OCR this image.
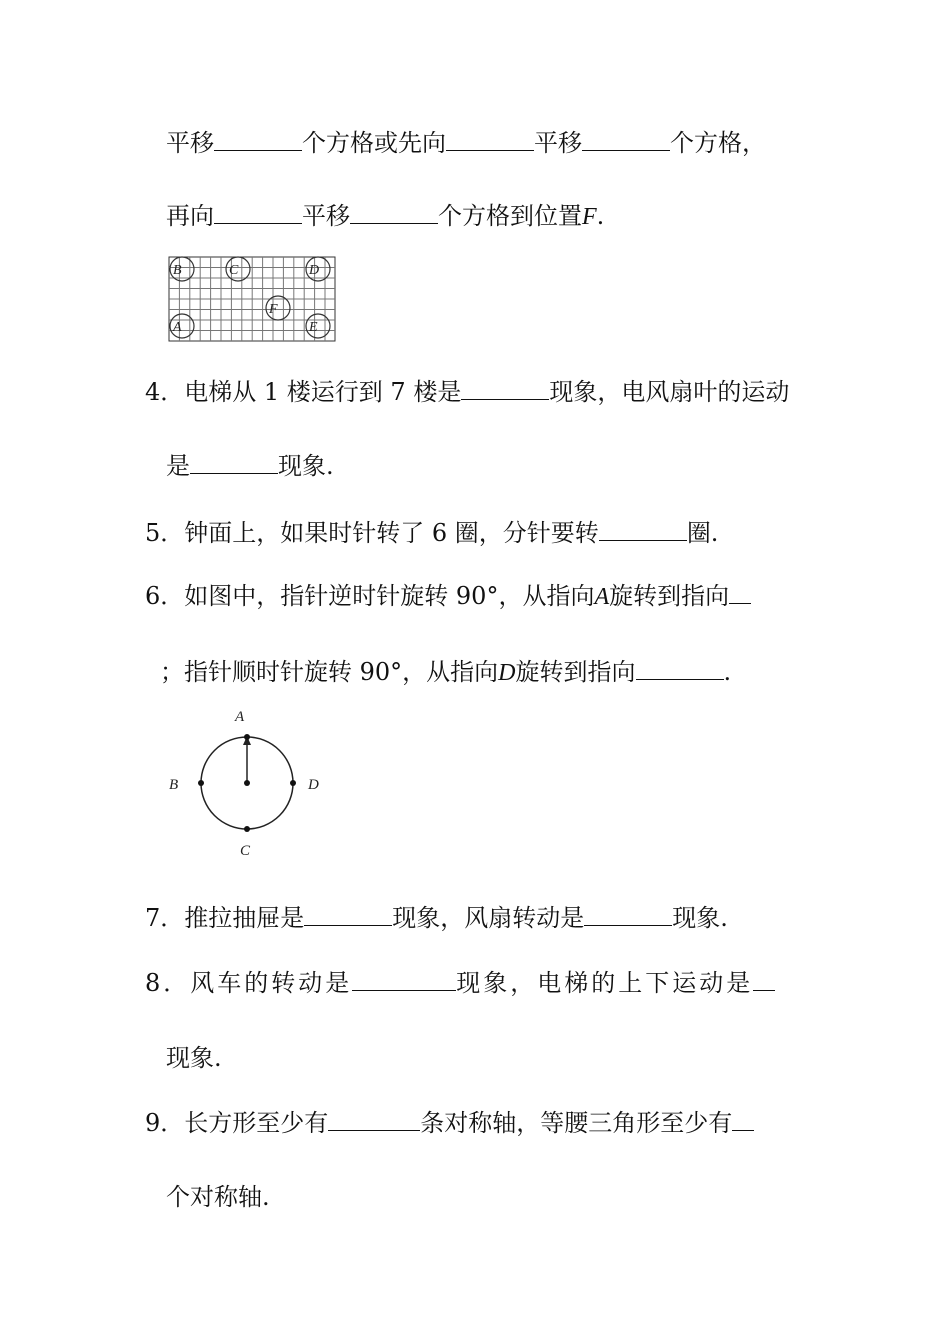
平移	个方格或先向	平移	个方格，
再向	平移	个方格到位置F.
B	C	D
F
A	E
4．电梯从 1 楼运行到 7 楼是	现象，电风扇叶的运动
是	现象.
5．钟面上，如果时针转了 6 圈，分针要转	圈.
6．如图中，指针逆时针旋转 90°，从指向A旋转到指向
；指针顺时针旋转 90°，从指向D旋转到指向	.
A
B
C
D
7．推拉抽屉是	现象，风扇转动是	现象.
8．风车的转动是	现象，电梯的上下运动是
现象.
9．长方形至少有	条对称轴，等腰三角形至少有
个对称轴.
